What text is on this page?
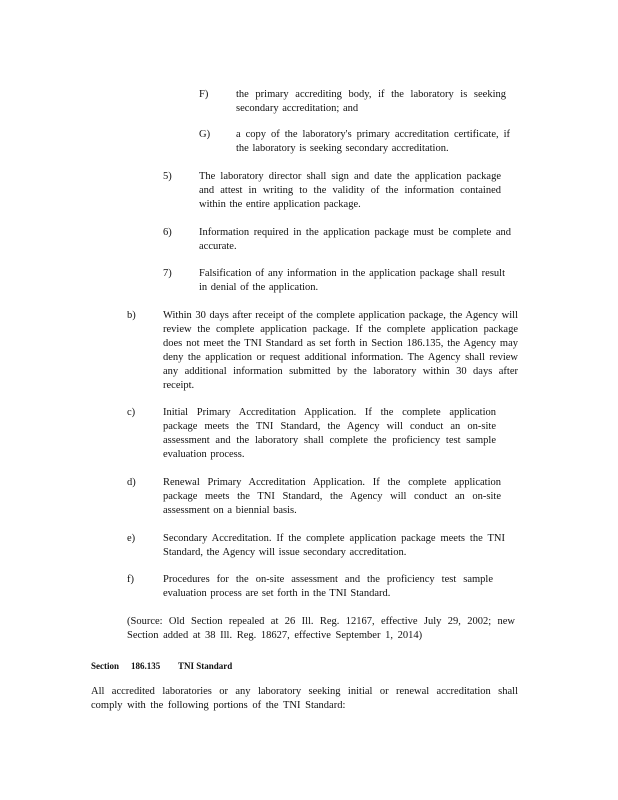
F)	the primary accrediting body, if the laboratory is seeking secondary accreditation; and
G) a copy of the laboratory's primary accreditation certificate, if the laboratory is seeking secondary accreditation.
5)	The laboratory director shall sign and date the application package and attest in writing to the validity of the information contained within the entire application package.
6)	Information required in the application package must be complete and accurate.
7)	Falsification of any information in the application package shall result in denial of the application.
b)	Within 30 days after receipt of the complete application package, the Agency will review the complete application package. If the complete application package does not meet the TNI Standard as set forth in Section 186.135, the Agency may deny the application or request additional information. The Agency shall review any additional information submitted by the laboratory within 30 days after receipt.
c)	Initial Primary Accreditation Application. If the complete application package meets the TNI Standard, the Agency will conduct an on-site assessment and the laboratory shall complete the proficiency test sample evaluation process.
d)	Renewal Primary Accreditation Application. If the complete application package meets the TNI Standard, the Agency will conduct an on-site assessment on a biennial basis.
e)	Secondary Accreditation. If the complete application package meets the TNI Standard, the Agency will issue secondary accreditation.
f)	Procedures for the on-site assessment and the proficiency test sample evaluation process are set forth in the TNI Standard.
(Source: Old Section repealed at 26 Ill. Reg. 12167, effective July 29, 2002; new Section added at 38 Ill. Reg. 18627, effective September 1, 2014)
Section 186.135 TNI Standard
All accredited laboratories or any laboratory seeking initial or renewal accreditation shall comply with the following portions of the TNI Standard:
